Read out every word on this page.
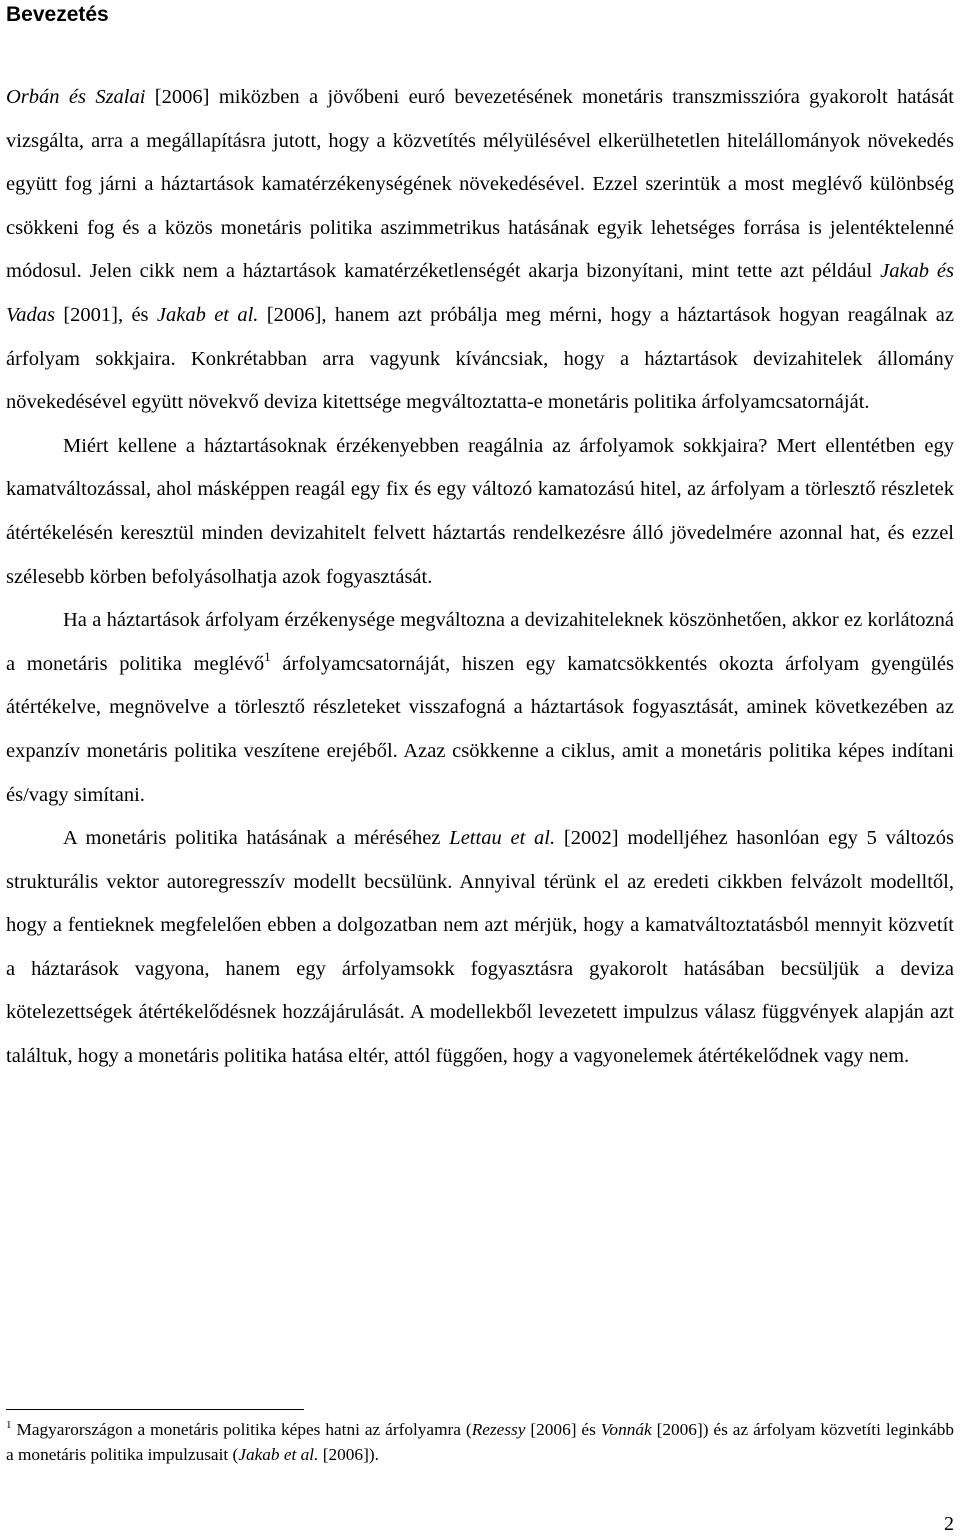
Bevezetés

Orbán és Szalai [2006] miközben a jövőbeni euró bevezetésének monetáris transzmisszióra gyakorolt hatását vizsgálta, arra a megállapításra jutott, hogy a közvetítés mélyülésével elkerülhetetlen hitelállományok növekedés együtt fog járni a háztartások kamatérzékenységének növekedésével. Ezzel szerintük a most meglévő különbség csökkeni fog és a közös monetáris politika aszimmetrikus hatásának egyik lehetséges forrása is jelentéktelenné módosul. Jelen cikk nem a háztartások kamatérzéketlenségét akarja bizonyítani, mint tette azt például Jakab és Vadas [2001], és Jakab et al. [2006], hanem azt próbálja meg mérni, hogy a háztartások hogyan reagálnak az árfolyam sokkjaira. Konkrétabban arra vagyunk kíváncsiak, hogy a háztartások devizahitelek állomány növekedésével együtt növekvő deviza kitettsége megváltoztatta-e monetáris politika árfolyamcsatornáját.

Miért kellene a háztartásoknak érzékenyebben reagálnia az árfolyamok sokkjaira? Mert ellentétben egy kamatváltozással, ahol másképpen reagál egy fix és egy változó kamatozású hitel, az árfolyam a törlesztő részletek átértékelésén keresztül minden devizahitelt felvett háztartás rendelkezésre álló jövedelmére azonnal hat, és ezzel szélesebb körben befolyásolhatja azok fogyasztását.

Ha a háztartások árfolyam érzékenysége megváltozna a devizahiteleknek köszönhetően, akkor ez korlátozná a monetáris politika meglévő$^1$ árfolyamcsatornáját, hiszen egy kamatcsökkentés okozta árfolyam gyengülés átértékelve, megnövelve a törlesztő részleteket visszafogná a háztartások fogyasztását, aminek következében az expanzív monetáris politika veszítene erejéből. Azaz csökkenne a ciklus, amit a monetáris politika képes indítani és/vagy simítani.

A monetáris politika hatásának a méréséhez Lettau et al. [2002] modelljéhez hasonlóan egy 5 változós strukturális vektor autoregresszív modellt becsülünk. Annyival térünk el az eredeti cikkben felvázolt modelltől, hogy a fentieknek megfelelően ebben a dolgozatban nem azt mérjük, hogy a kamatváltoztatásból mennyit közvetít a háztarások vagyona, hanem egy árfolyamsokk fogyasztásra gyakorolt hatásában becsüljük a deviza kötelezettségek átértékelődésnek hozzájárulását. A modellekből levezetett impulzus válasz függvények alapján azt találtuk, hogy a monetáris politika hatása eltér, attól függően, hogy a vagyonelemek átértékelődnek vagy nem.

$^1$ Magyarországon a monetáris politika képes hatni az árfolyamra (Rezessy [2006] és Vonnák [2006]) és az árfolyam közvetíti leginkább a monetáris politika impulzusait (Jakab et al. [2006]).

2
